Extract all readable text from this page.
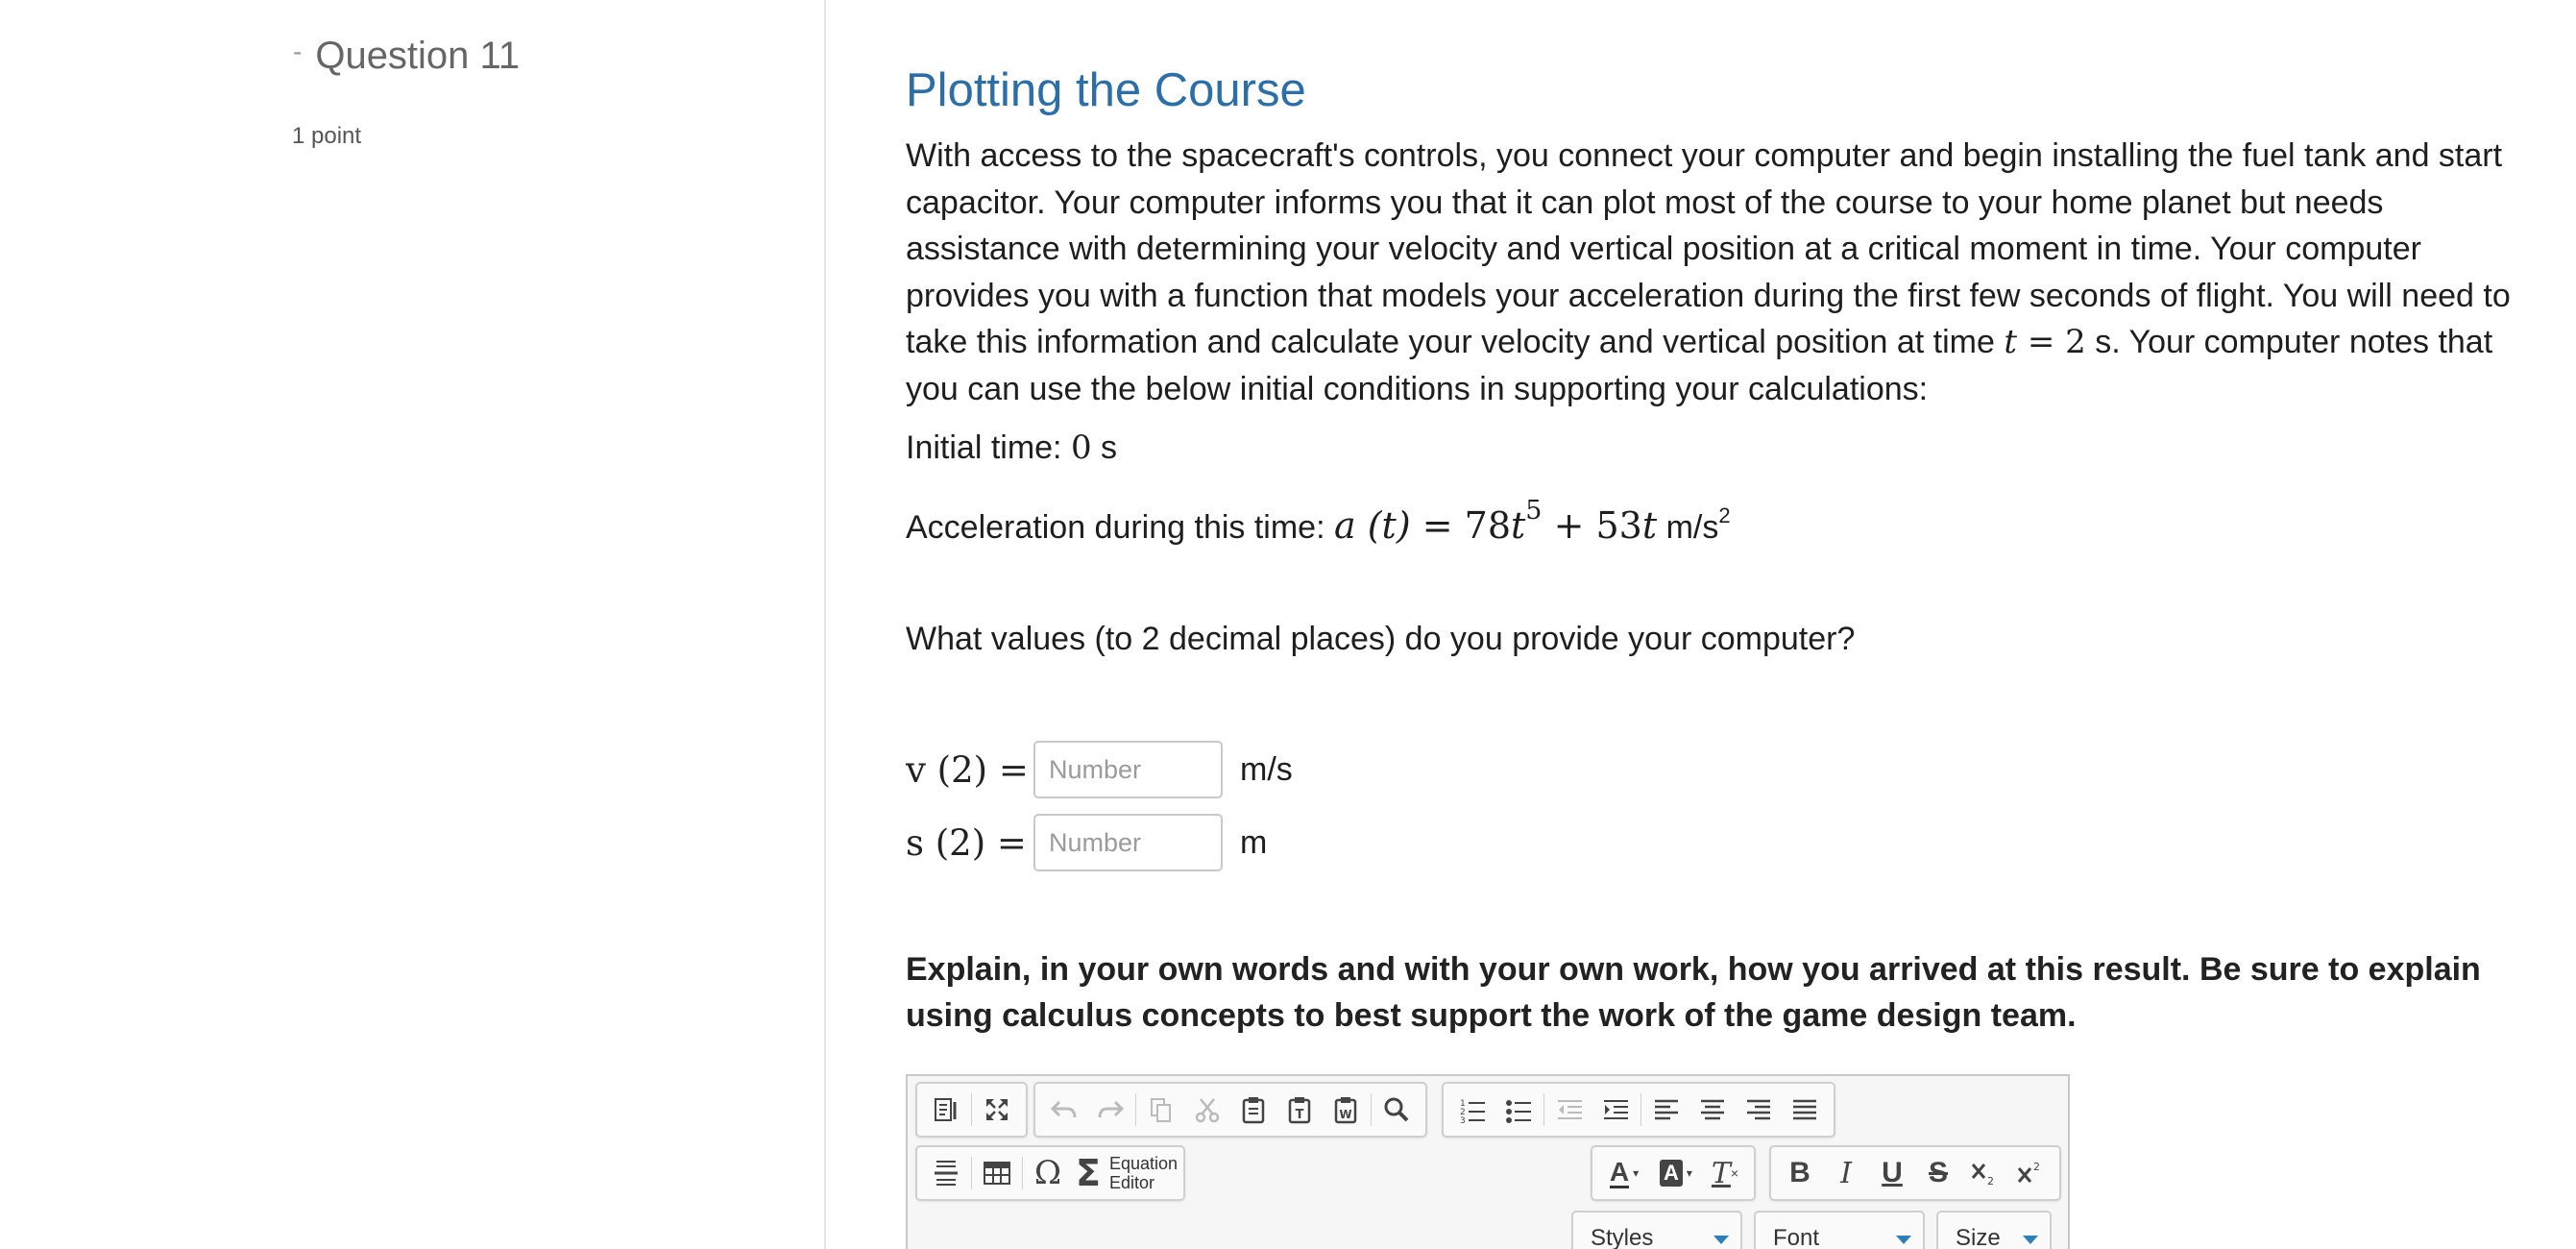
- Question 11
1 point
Plotting the Course

With access to the spacecraft's controls, you connect your computer and begin installing the fuel tank and start capacitor. Your computer informs you that it can plot most of the course to your home planet but needs assistance with determining your velocity and vertical position at a critical moment in time. Your computer provides you with a function that models your acceleration during the first few seconds of flight. You will need to take this information and calculate your velocity and vertical position at time t = 2 s. Your computer notes that you can use the below initial conditions in supporting your calculations:

Initial time: 0 s
Acceleration during this time: a $(t) = 78t^5 + 53t$ $m/s^2$
What values (to 2 decimal places) do you provide your computer?
v (2) =
Number	m/s
s (2) =
Number	m

Explain, in your own words and with your own work, how you arrived at this result. Be sure to explain using calculus concepts to best support the work of the game design team.

T	W
1
2
3
Ω Σ Equation
Editor	A ▾ A ▾ T ×	B	I	U S	2
2
Styles	Font	Size
